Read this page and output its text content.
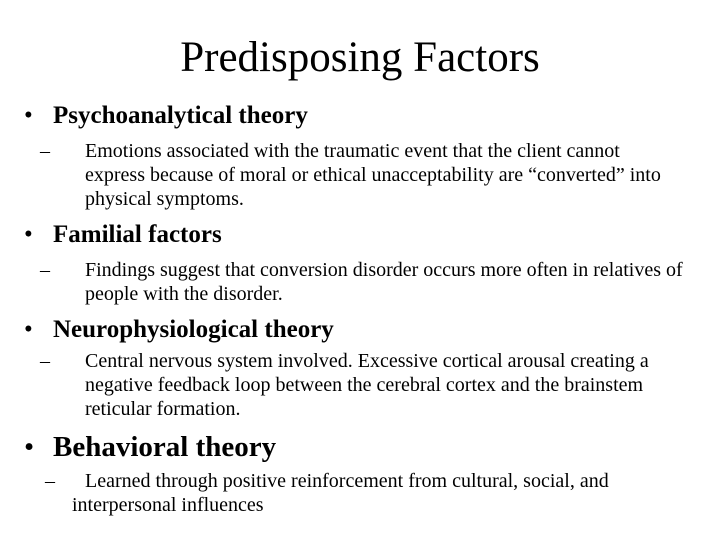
Predisposing Factors
• Psychoanalytical theory
– Emotions associated with the traumatic event that the client cannot express because of moral or ethical unacceptability are “converted” into physical symptoms.
• Familial factors
– Findings suggest that conversion disorder occurs more often in relatives of people with the disorder.
• Neurophysiological theory
– Central nervous system involved. Excessive cortical arousal creating a negative feedback loop between the cerebral cortex and the brainstem reticular formation.
• Behavioral theory
– Learned through positive reinforcement from cultural, social, and
interpersonal influences
